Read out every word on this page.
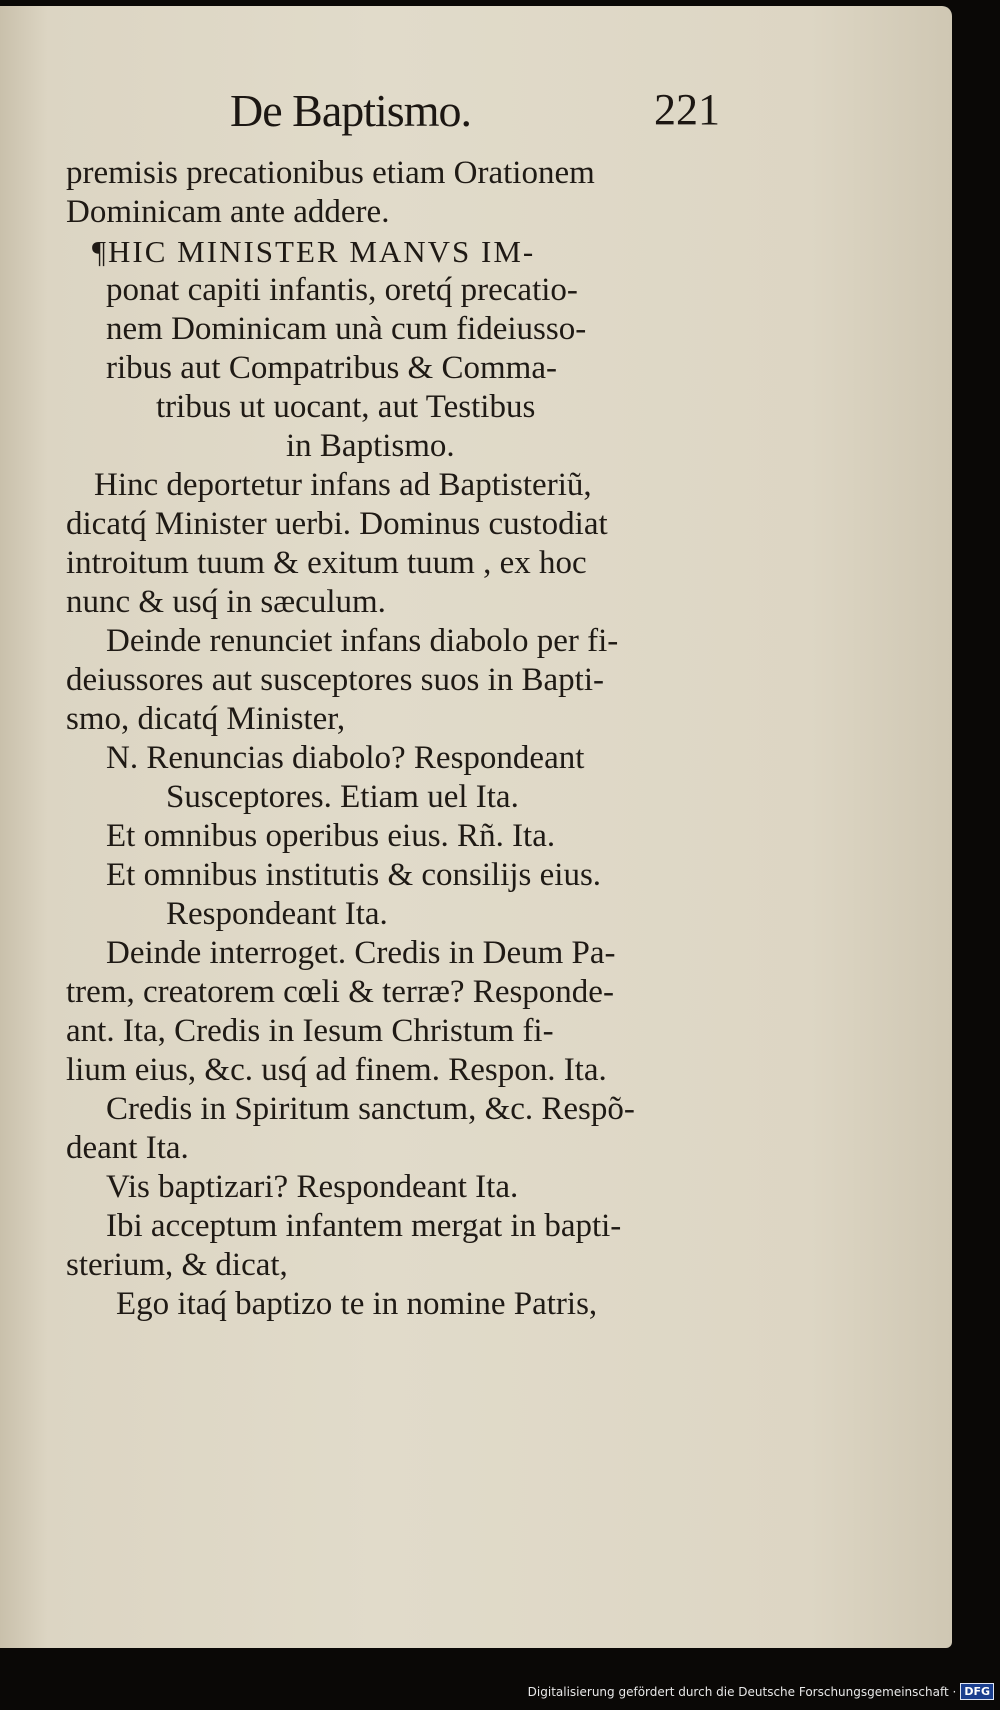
De Baptismo.	221
premisis precationibus etiam Orationem
Dominicam ante addere.
¶HIC MINISTER MANVS IM-
ponat capiti infantis, oretq́ precatio-
nem Dominicam unà cum fideiusso-
ribus aut Compatribus & Comma-
tribus ut uocant, aut Testibus
in Baptismo.
Hinc deportetur infans ad Baptisteriũ,
dicatq́ Minister uerbi. Dominus custodiat
introitum tuum & exitum tuum , ex hoc
nunc & usq́ in sæculum.
Deinde renunciet infans diabolo per fi-
deiussores aut susceptores suos in Bapti-
smo, dicatq́ Minister,
N. Renuncias diabolo? Respondeant
Susceptores. Etiam uel Ita.
Et omnibus operibus eius. Rñ. Ita.
Et omnibus institutis & consilijs eius.
Respondeant Ita.
Deinde interroget. Credis in Deum Pa-
trem, creatorem cœli & terræ? Responde-
ant. Ita, Credis in Iesum Christum fi-
lium eius, &c. usq́ ad finem. Respon. Ita.
Credis in Spiritum sanctum, &c. Respõ-
deant Ita.
Vis baptizari? Respondeant Ita.
Ibi acceptum infantem mergat in bapti-
sterium, & dicat,
Ego itaq́ baptizo te in nomine Patris,
Digitalisierung gefördert durch die Deutsche Forschungsgemeinschaft · DFG
